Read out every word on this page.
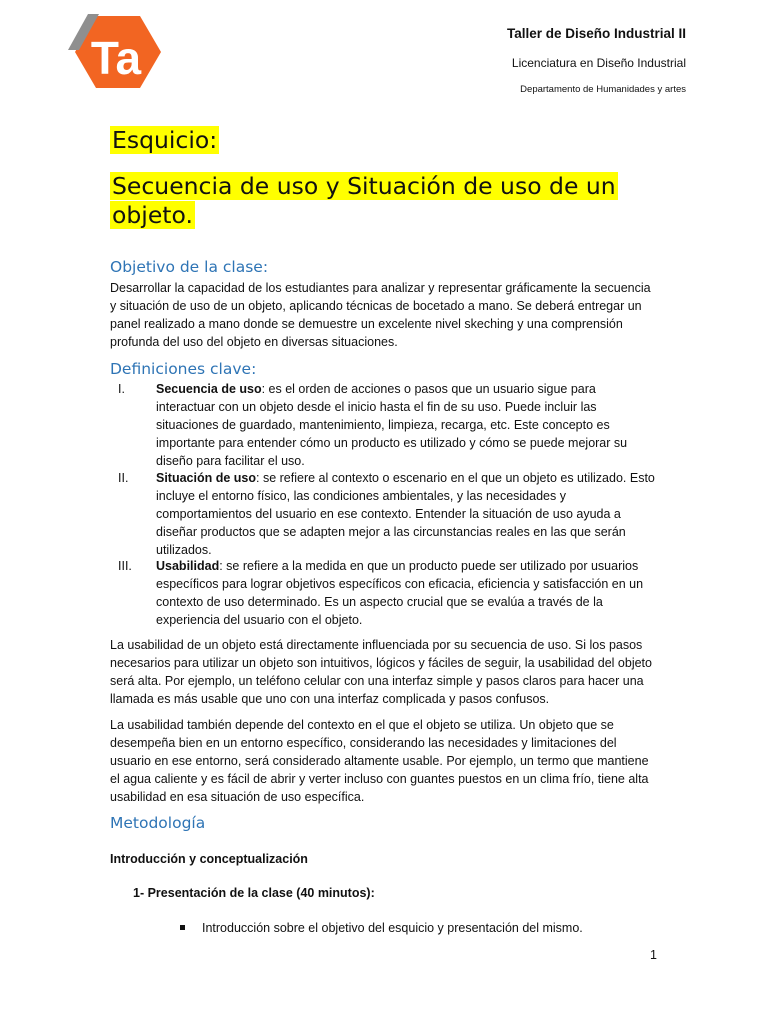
Ta	Taller de Diseño Industrial II
Licenciatura en Diseño Industrial
Departamento de Humanidades y artes
Esquicio:
Secuencia de uso y Situación de uso de un objeto.
Objetivo de la clase:
Desarrollar la capacidad de los estudiantes para analizar y representar gráficamente la secuencia y situación de uso de un objeto, aplicando técnicas de bocetado a mano. Se deberá entregar un panel realizado a mano donde se demuestre un excelente nivel skeching y una comprensión profunda del uso del objeto en diversas situaciones.
Definiciones clave:
I.	Secuencia de uso: es el orden de acciones o pasos que un usuario sigue para interactuar con un objeto desde el inicio hasta el fin de su uso. Puede incluir las situaciones de guardado, mantenimiento, limpieza, recarga, etc. Este concepto es importante para entender cómo un producto es utilizado y cómo se puede mejorar su diseño para facilitar el uso.
II.	Situación de uso: se refiere al contexto o escenario en el que un objeto es utilizado. Esto incluye el entorno físico, las condiciones ambientales, y las necesidades y comportamientos del usuario en ese contexto. Entender la situación de uso ayuda a diseñar productos que se adapten mejor a las circunstancias reales en las que serán utilizados.
III.	Usabilidad: se refiere a la medida en que un producto puede ser utilizado por usuarios específicos para lograr objetivos específicos con eficacia, eficiencia y satisfacción en un contexto de uso determinado. Es un aspecto crucial que se evalúa a través de la experiencia del usuario con el objeto.
La usabilidad de un objeto está directamente influenciada por su secuencia de uso. Si los pasos necesarios para utilizar un objeto son intuitivos, lógicos y fáciles de seguir, la usabilidad del objeto será alta. Por ejemplo, un teléfono celular con una interfaz simple y pasos claros para hacer una llamada es más usable que uno con una interfaz complicada y pasos confusos.
La usabilidad también depende del contexto en el que el objeto se utiliza. Un objeto que se desempeña bien en un entorno específico, considerando las necesidades y limitaciones del usuario en ese entorno, será considerado altamente usable. Por ejemplo, un termo que mantiene el agua caliente y es fácil de abrir y verter incluso con guantes puestos en un clima frío, tiene alta usabilidad en esa situación de uso específica.
Metodología
Introducción y conceptualización
1- Presentación de la clase (40 minutos):
Introducción sobre el objetivo del esquicio y presentación del mismo.
1
